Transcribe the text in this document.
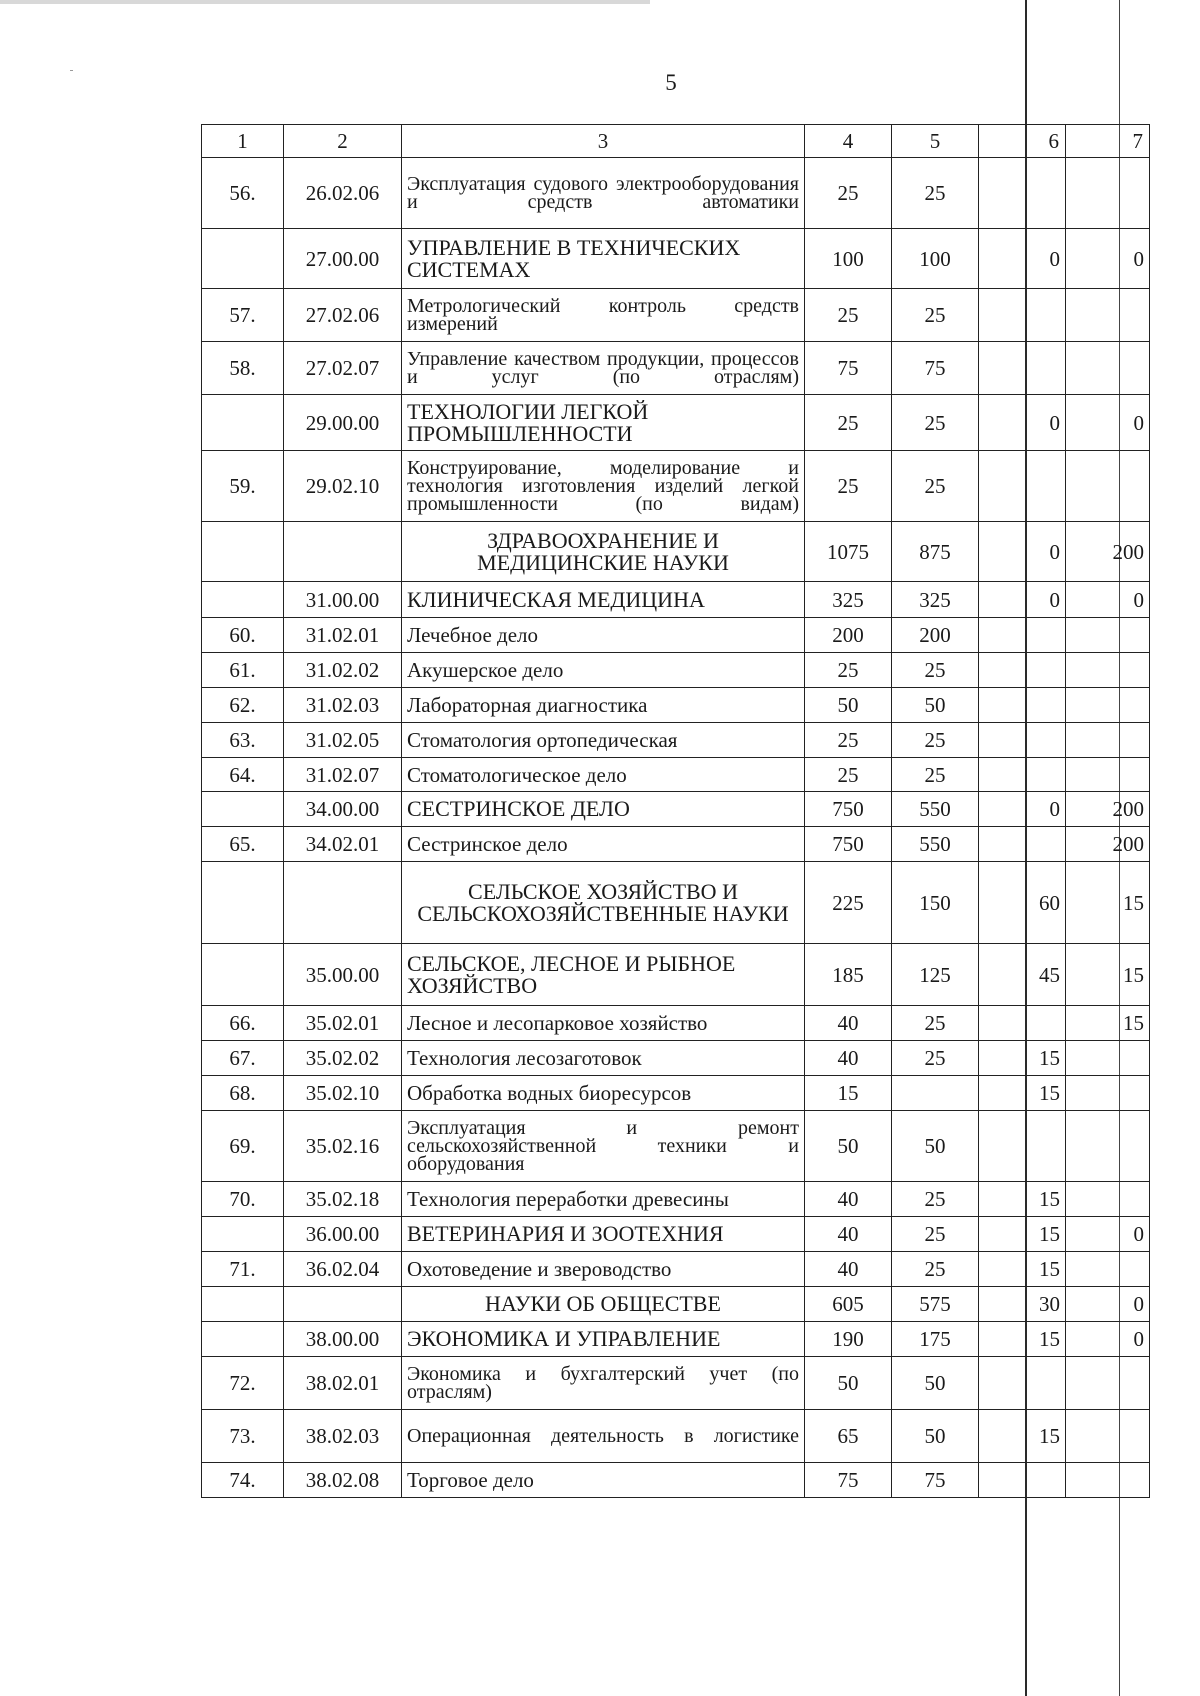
5
1	2	3	4	5	6	7
56.	26.02.06	Эксплуатация судового электрооборудования и средств автоматики	25	25		
	27.00.00	УПРАВЛЕНИЕ В ТЕХНИЧЕСКИХ СИСТЕМАХ	100	100	0	0
57.	27.02.06	Метрологический контроль средств измерений	25	25		
58.	27.02.07	Управление качеством продукции, процессов и услуг (по отраслям)	75	75		
	29.00.00	ТЕХНОЛОГИИ ЛЕГКОЙ ПРОМЫШЛЕННОСТИ	25	25	0	0
59.	29.02.10	Конструирование, моделирование и технология изготовления изделий легкой промышленности (по видам)	25	25		
		ЗДРАВООХРАНЕНИЕ И МЕДИЦИНСКИЕ НАУКИ	1075	875	0	200
	31.00.00	КЛИНИЧЕСКАЯ МЕДИЦИНА	325	325	0	0
60.	31.02.01	Лечебное дело	200	200		
61.	31.02.02	Акушерское дело	25	25		
62.	31.02.03	Лабораторная диагностика	50	50		
63.	31.02.05	Стоматология ортопедическая	25	25		
64.	31.02.07	Стоматологическое дело	25	25		
	34.00.00	СЕСТРИНСКОЕ ДЕЛО	750	550	0	200
65.	34.02.01	Сестринское дело	750	550		200
		СЕЛЬСКОЕ ХОЗЯЙСТВО И СЕЛЬСКОХОЗЯЙСТВЕННЫЕ НАУКИ	225	150	60	15
	35.00.00	СЕЛЬСКОЕ, ЛЕСНОЕ И РЫБНОЕ ХОЗЯЙСТВО	185	125	45	15
66.	35.02.01	Лесное и лесопарковое хозяйство	40	25		15
67.	35.02.02	Технология лесозаготовок	40	25	15	
68.	35.02.10	Обработка водных биоресурсов	15		15	
69.	35.02.16	Эксплуатация и ремонт сельскохозяйственной техники и оборудования	50	50		
70.	35.02.18	Технология переработки древесины	40	25	15	
	36.00.00	ВЕТЕРИНАРИЯ И ЗООТЕХНИЯ	40	25	15	0
71.	36.02.04	Охотоведение и звероводство	40	25	15	
		НАУКИ ОБ ОБЩЕСТВЕ	605	575	30	0
	38.00.00	ЭКОНОМИКА И УПРАВЛЕНИЕ	190	175	15	0
72.	38.02.01	Экономика и бухгалтерский учет (по отраслям)	50	50		
73.	38.02.03	Операционная деятельность в логистике	65	50	15	
74.	38.02.08	Торговое дело	75	75		
